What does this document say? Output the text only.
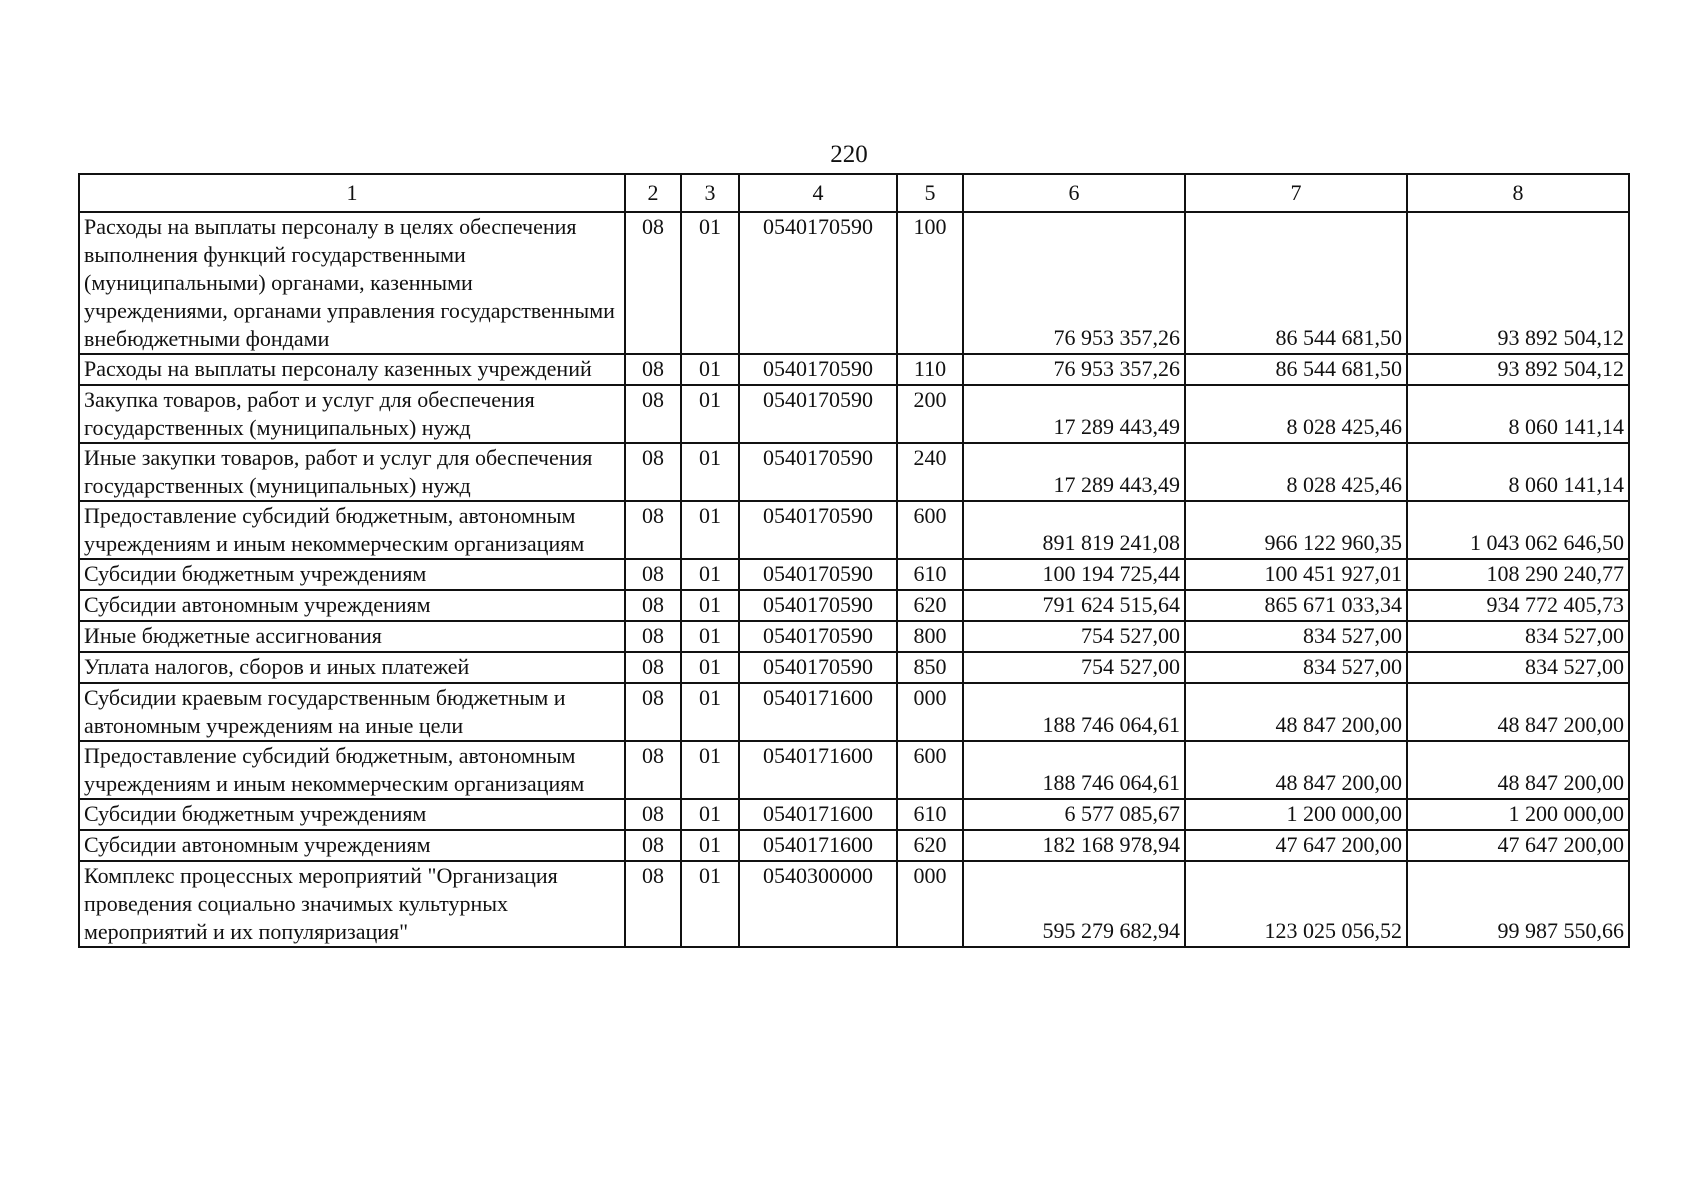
220
1	2	3	4	5	6	7	8
Расходы на выплаты персоналу в целях обеспечения выполнения функций государственными (муниципальными) органами, казенными учреждениями, органами управления государственными внебюджетными фондами	08	01	0540170590	100	76 953 357,26	86 544 681,50	93 892 504,12

Расходы на выплаты персоналу казенных учреждений	08	01	0540170590	110	76 953 357,26	86 544 681,50	93 892 504,12

Закупка товаров, работ и услуг для обеспечения государственных (муниципальных) нужд	08	01	0540170590	200	17 289 443,49	8 028 425,46	8 060 141,14

Иные закупки товаров, работ и услуг для обеспечения государственных (муниципальных) нужд	08	01	0540170590	240	17 289 443,49	8 028 425,46	8 060 141,14

Предоставление субсидий бюджетным, автономным учреждениям и иным некоммерческим организациям	08	01	0540170590	600	891 819 241,08	966 122 960,35	1 043 062 646,50

Субсидии бюджетным учреждениям	08	01	0540170590	610	100 194 725,44	100 451 927,01	108 290 240,77

Субсидии автономным учреждениям	08	01	0540170590	620	791 624 515,64	865 671 033,34	934 772 405,73

Иные бюджетные ассигнования	08	01	0540170590	800	754 527,00	834 527,00	834 527,00

Уплата налогов, сборов и иных платежей	08	01	0540170590	850	754 527,00	834 527,00	834 527,00

Субсидии краевым государственным бюджетным и автономным учреждениям на иные цели	08	01	0540171600	000	188 746 064,61	48 847 200,00	48 847 200,00

Предоставление субсидий бюджетным, автономным учреждениям и иным некоммерческим организациям	08	01	0540171600	600	188 746 064,61	48 847 200,00	48 847 200,00

Субсидии бюджетным учреждениям	08	01	0540171600	610	6 577 085,67	1 200 000,00	1 200 000,00

Субсидии автономным учреждениям	08	01	0540171600	620	182 168 978,94	47 647 200,00	47 647 200,00

Комплекс процессных мероприятий "Организация проведения социально значимых культурных мероприятий и их популяризация"	08	01	0540300000	000	595 279 682,94	123 025 056,52	99 987 550,66
